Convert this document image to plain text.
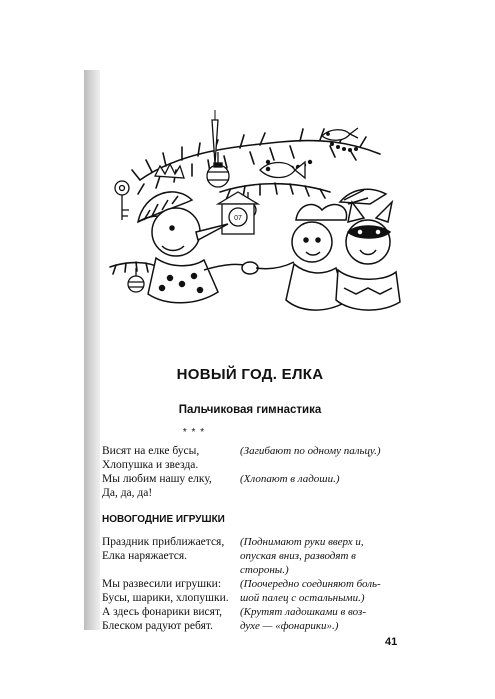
07
НОВЫЙ ГОД. ЕЛКА
Пальчиковая гимнастика
* * *
Висят на елке бусы,
Хлопушка и звезда.
Мы любим нашу елку,
Да, да, да!
(Загибают по одному пальцу.)
(Хлопают в ладоши.)
НОВОГОДНИЕ ИГРУШКИ
Праздник приближается,
Елка наряжается.
Мы развесили игрушки:
Бусы, шарики, хлопушки.
А здесь фонарики висят,
Блеском радуют ребят.
(Поднимают руки вверх и,
опуская вниз, разводят в
стороны.)
(Поочередно соединяют боль-
шой палец с остальными.)
(Крутят ладошками в воз-
духе — «фонарики».)
41
